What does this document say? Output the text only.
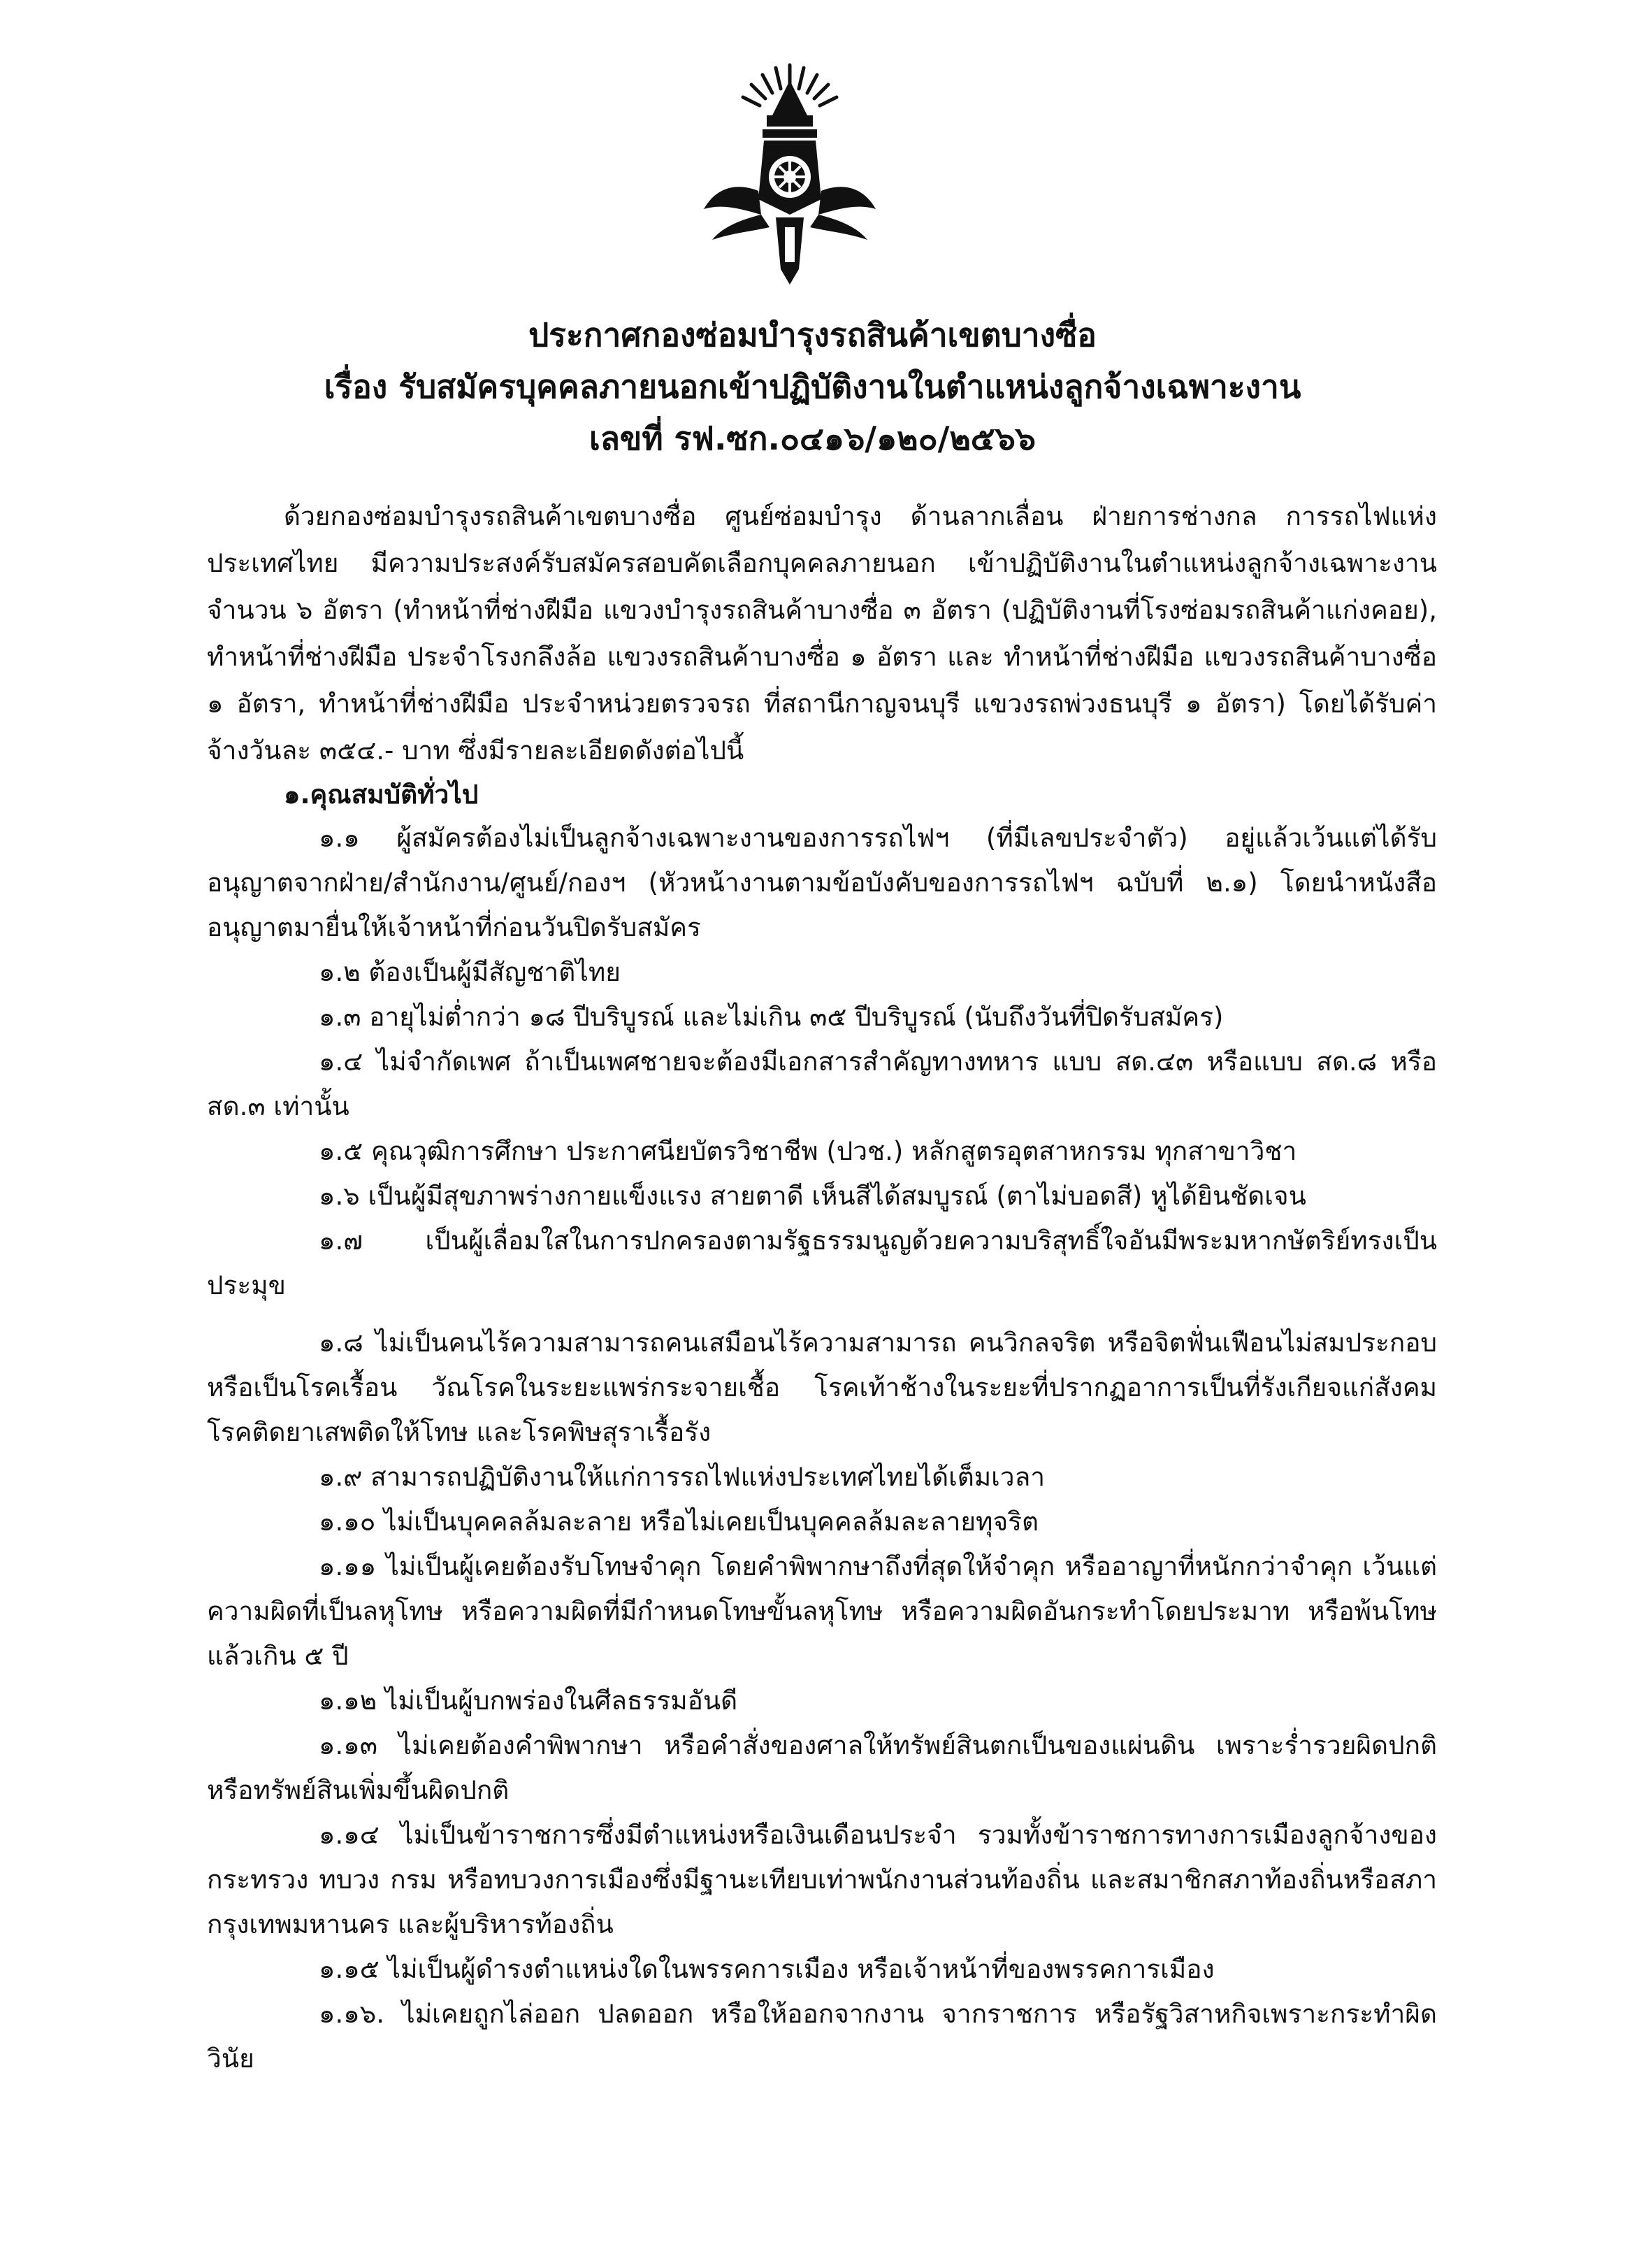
ประกาศกองซ่อมบำรุงรถสินค้าเขตบางซื่อ

เรื่อง รับสมัครบุคคลภายนอกเข้าปฏิบัติงานในตำแหน่งลูกจ้างเฉพาะงาน

เลขที่ รฟ.ซก.๐๔๑๖/๑๒๐/๒๕๖๖

ด้วยกองซ่อมบำรุงรถสินค้าเขตบางซื่อ ศูนย์ซ่อมบำรุง ด้านลากเลื่อน ฝ่ายการช่างกล การรถไฟแห่งประเทศไทย มีความประสงค์รับสมัครสอบคัดเลือกบุคคลภายนอก เข้าปฏิบัติงานในตำแหน่งลูกจ้างเฉพาะงาน จำนวน ๖ อัตรา (ทำหน้าที่ช่างฝีมือ แขวงบำรุงรถสินค้าบางซื่อ ๓ อัตรา (ปฏิบัติงานที่โรงซ่อมรถสินค้าแก่งคอย), ทำหน้าที่ช่างฝีมือ ประจำโรงกลึงล้อ แขวงรถสินค้าบางซื่อ ๑ อัตรา และ ทำหน้าที่ช่างฝีมือ แขวงรถสินค้าบางซื่อ ๑ อัตรา, ทำหน้าที่ช่างฝีมือ ประจำหน่วยตรวจรถ ที่สถานีกาญจนบุรี แขวงรถพ่วงธนบุรี ๑ อัตรา) โดยได้รับค่าจ้างวันละ ๓๕๔.- บาท ซึ่งมีรายละเอียดดังต่อไปนี้

๑.คุณสมบัติทั่วไป

๑.๑ ผู้สมัครต้องไม่เป็นลูกจ้างเฉพาะงานของการรถไฟฯ (ที่มีเลขประจำตัว) อยู่แล้วเว้นแต่ได้รับอนุญาตจากฝ่าย/สำนักงาน/ศูนย์/กองฯ (หัวหน้างานตามข้อบังคับของการรถไฟฯ ฉบับที่ ๒.๑) โดยนำหนังสืออนุญาตมายื่นให้เจ้าหน้าที่ก่อนวันปิดรับสมัคร

๑.๒ ต้องเป็นผู้มีสัญชาติไทย

๑.๓ อายุไม่ต่ำกว่า ๑๘ ปีบริบูรณ์ และไม่เกิน ๓๕ ปีบริบูรณ์ (นับถึงวันที่ปิดรับสมัคร)

๑.๔ ไม่จำกัดเพศ ถ้าเป็นเพศชายจะต้องมีเอกสารสำคัญทางทหาร แบบ สด.๔๓ หรือแบบ สด.๘ หรือ สด.๓ เท่านั้น

๑.๕ คุณวุฒิการศึกษา ประกาศนียบัตรวิชาชีพ (ปวช.) หลักสูตรอุตสาหกรรม ทุกสาขาวิชา

๑.๖ เป็นผู้มีสุขภาพร่างกายแข็งแรง สายตาดี เห็นสีได้สมบูรณ์ (ตาไม่บอดสี) หูได้ยินชัดเจน

๑.๗ เป็นผู้เลื่อมใสในการปกครองตามรัฐธรรมนูญด้วยความบริสุทธิ์ใจอันมีพระมหากษัตริย์ทรงเป็นประมุข

๑.๘ ไม่เป็นคนไร้ความสามารถคนเสมือนไร้ความสามารถ คนวิกลจริต หรือจิตฟั่นเฟือนไม่สมประกอบ หรือเป็นโรคเรื้อน วัณโรคในระยะแพร่กระจายเชื้อ โรคเท้าช้างในระยะที่ปรากฏอาการเป็นที่รังเกียจแก่สังคม โรคติดยาเสพติดให้โทษ และโรคพิษสุราเรื้อรัง

๑.๙ สามารถปฏิบัติงานให้แก่การรถไฟแห่งประเทศไทยได้เต็มเวลา

๑.๑๐ ไม่เป็นบุคคลล้มละลาย หรือไม่เคยเป็นบุคคลล้มละลายทุจริต

๑.๑๑ ไม่เป็นผู้เคยต้องรับโทษจำคุก โดยคำพิพากษาถึงที่สุดให้จำคุก หรืออาญาที่หนักกว่าจำคุก เว้นแต่ความผิดที่เป็นลหุโทษ หรือความผิดที่มีกำหนดโทษขั้นลหุโทษ หรือความผิดอันกระทำโดยประมาท หรือพ้นโทษแล้วเกิน ๕ ปี

๑.๑๒ ไม่เป็นผู้บกพร่องในศีลธรรมอันดี

๑.๑๓ ไม่เคยต้องคำพิพากษา หรือคำสั่งของศาลให้ทรัพย์สินตกเป็นของแผ่นดิน เพราะร่ำรวยผิดปกติ หรือทรัพย์สินเพิ่มขึ้นผิดปกติ

๑.๑๔ ไม่เป็นข้าราชการซึ่งมีตำแหน่งหรือเงินเดือนประจำ รวมทั้งข้าราชการทางการเมืองลูกจ้างของกระทรวง ทบวง กรม หรือทบวงการเมืองซึ่งมีฐานะเทียบเท่าพนักงานส่วนท้องถิ่น และสมาชิกสภาท้องถิ่นหรือสภากรุงเทพมหานคร และผู้บริหารท้องถิ่น

๑.๑๕ ไม่เป็นผู้ดำรงตำแหน่งใดในพรรคการเมือง หรือเจ้าหน้าที่ของพรรคการเมือง

๑.๑๖. ไม่เคยถูกไล่ออก ปลดออก หรือให้ออกจากงาน จากราชการ หรือรัฐวิสาหกิจเพราะกระทำผิดวินัย
